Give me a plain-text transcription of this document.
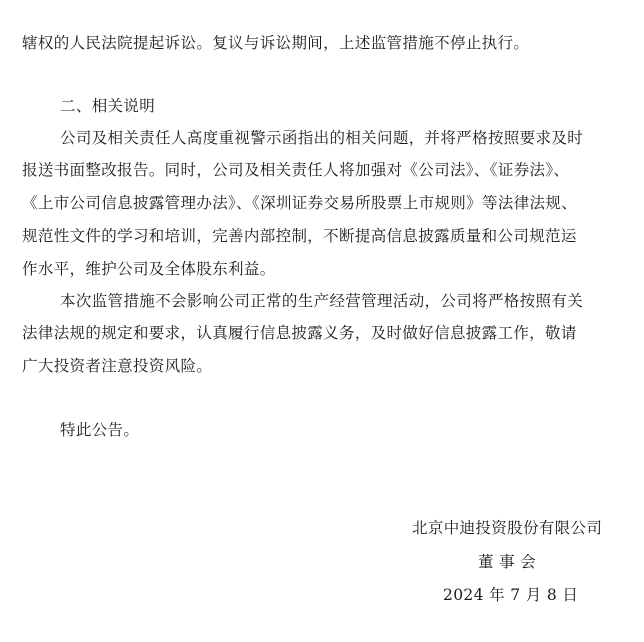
辖权的人民法院提起诉讼。复议与诉讼期间，上述监管措施不停止执行。
二、相关说明
公司及相关责任人高度重视警示函指出的相关问题，并将严格按照要求及时
报送书面整改报告。同时，公司及相关责任人将加强对《公司法》、《证券法》、
《上市公司信息披露管理办法》、《深圳证券交易所股票上市规则》等法律法规、
规范性文件的学习和培训，完善内部控制，不断提高信息披露质量和公司规范运
作水平，维护公司及全体股东利益。
本次监管措施不会影响公司正常的生产经营管理活动，公司将严格按照有关
法律法规的规定和要求，认真履行信息披露义务，及时做好信息披露工作，敬请
广大投资者注意投资风险。
特此公告。
北京中迪投资股份有限公司
董 事 会
2024 年 7 月 8 日
